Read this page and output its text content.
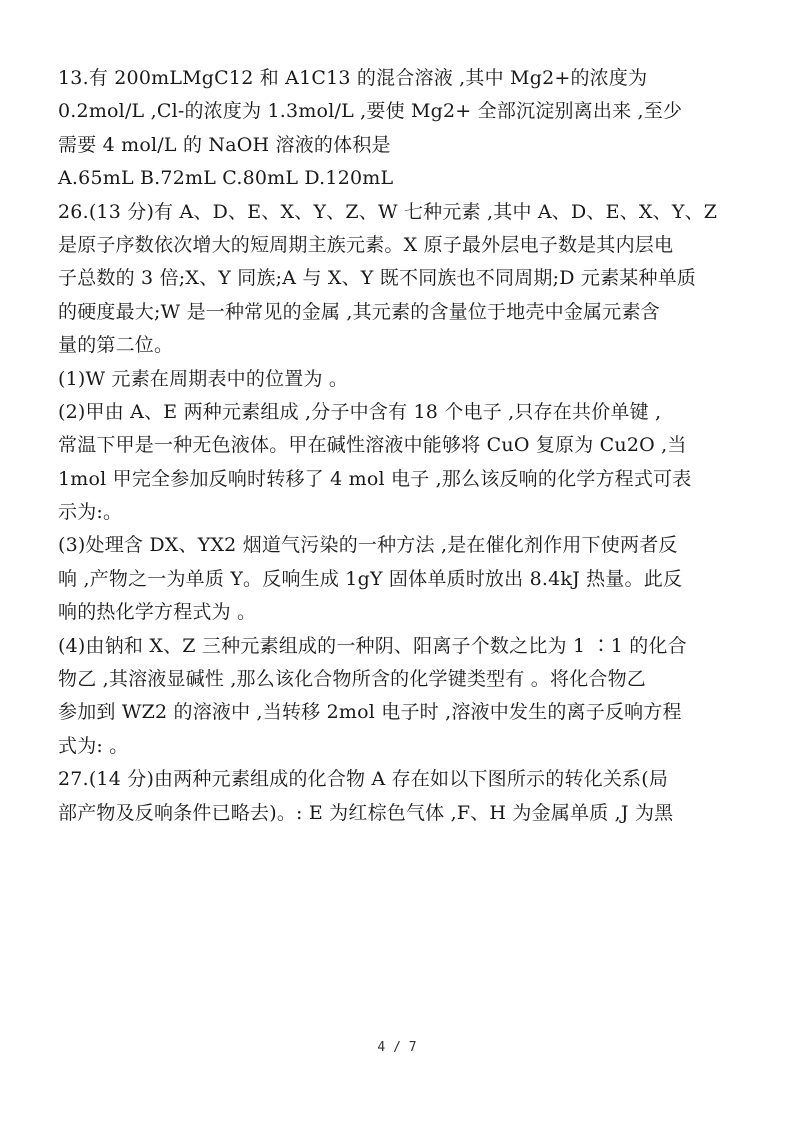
13.有 200mLMgC12 和 A1C13 的混合溶液 ,其中 Mg2+的浓度为
0.2mol/L ,Cl-的浓度为 1.3mol/L ,要使 Mg2+ 全部沉淀别离出来 ,至少
需要 4 mol/L 的 NaOH 溶液的体积是
A.65mL B.72mL C.80mL D.120mL
26.(13 分)有 A、D、E、X、Y、Z、W 七种元素 ,其中 A、D、E、X、Y、Z
是原子序数依次增大的短周期主族元素。X 原子最外层电子数是其内层电
子总数的 3 倍;X、Y 同族;A 与 X、Y 既不同族也不同周期;D 元素某种单质
的硬度最大;W 是一种常见的金属 ,其元素的含量位于地壳中金属元素含
量的第二位。
(1)W 元素在周期表中的位置为 。
(2)甲由 A、E 两种元素组成 ,分子中含有 18 个电子 ,只存在共价单键 ,
常温下甲是一种无色液体。甲在碱性溶液中能够将 CuO 复原为 Cu2O ,当
1mol 甲完全参加反响时转移了 4 mol 电子 ,那么该反响的化学方程式可表
示为:。
(3)处理含 DX、YX2 烟道气污染的一种方法 ,是在催化剂作用下使两者反
响 ,产物之一为单质 Y。反响生成 1gY 固体单质时放出 8.4kJ 热量。此反
响的热化学方程式为 。
(4)由钠和 X、Z 三种元素组成的一种阴、阳离子个数之比为 1 ∶1 的化合
物乙 ,其溶液显碱性 ,那么该化合物所含的化学键类型有 。将化合物乙
参加到 WZ2 的溶液中 ,当转移 2mol 电子时 ,溶液中发生的离子反响方程
式为: 。
27.(14 分)由两种元素组成的化合物 A 存在如以下图所示的转化关系(局
部产物及反响条件已略去)。: E 为红棕色气体 ,F、H 为金属单质 ,J 为黑
4 / 7
